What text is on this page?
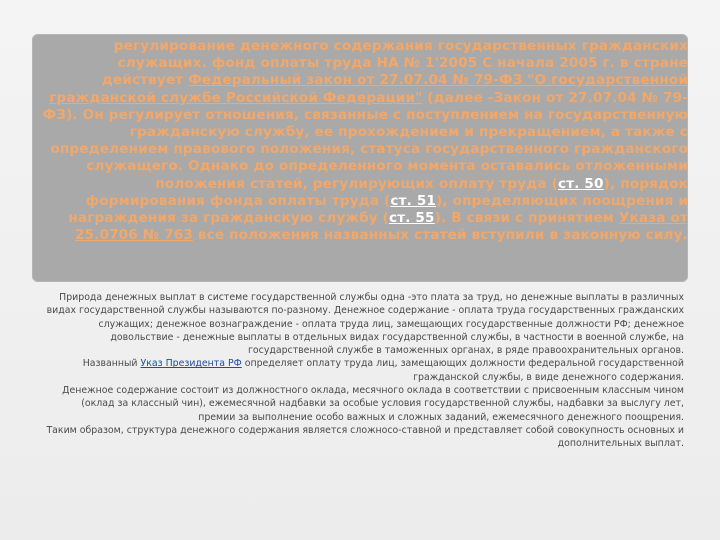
регулирование денежного содержания государственных гражданских служащих. фонд оплаты труда НА № 1'2005 С начала 2005 г. в стране действует Федеральный закон от 27.07.04 № 79-ФЗ "О государственной гражданской службе Российской Федерации" (далее -Закон от 27.07.04 № 79-ФЗ). Он регулирует отношения, связанные с поступлением на государственную гражданскую службу, ее прохождением и прекращением, а также с определением правового положения, статуса государственного гражданского служащего. Однако до определенного момента оставались отложенными положения статей, регулирующих оплату труда (ст. 50), порядок формирования фонда оплаты труда (ст. 51), определяющих поощрения и награждения за гражданскую службу (ст. 55). В связи с принятием Указа от 25.0706 № 763 все положения названных статей вступили в законную силу.

Природа денежных выплат в системе государственной службы одна -это плата за труд, но денежные выплаты в различных видах государственной службы называются по-разному. Денежное содержание - оплата труда государственных гражданских служащих; денежное вознаграждение - оплата труда лиц, замещающих государственные должности РФ; денежное довольствие - денежные выплаты в отдельных видах государственной службы, в частности в военной службе, на государственной службе в таможенных органах, в ряде правоохранительных органов.

Названный Указ Президента РФ определяет оплату труда лиц, замещающих должности федеральной государственной гражданской службы, в виде денежного содержания.

Денежное содержание состоит из должностного оклада, месячного оклада в соответствии с присвоенным классным чином (оклад за классный чин), ежемесячной надбавки за особые условия государственной службы, надбавки за выслугу лет, премии за выполнение особо важных и сложных заданий, ежемесячного денежного поощрения.

Таким образом, структура денежного содержания является сложносо-ставной и представляет собой совокупность основных и дополнительных выплат.
